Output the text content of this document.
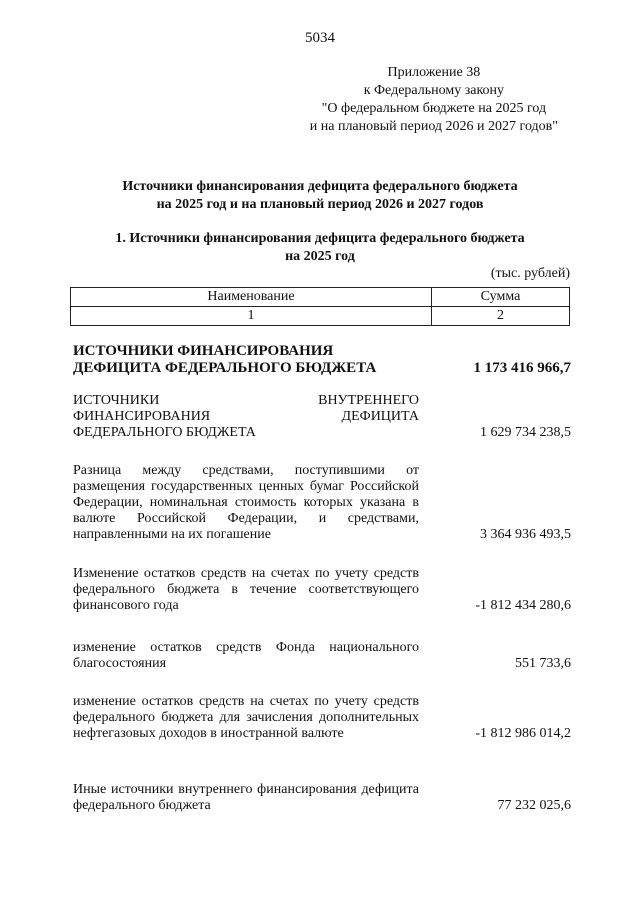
5034
Приложение 38
к Федеральному закону
"О федеральном бюджете на 2025 год
и на плановый период 2026 и 2027 годов"
Источники финансирования дефицита федерального бюджета
на 2025 год и на плановый период 2026 и 2027 годов
1. Источники финансирования дефицита федерального бюджета
на 2025 год
(тыс. рублей)
Наименование	Сумма
1	2
ИСТОЧНИКИ ФИНАНСИРОВАНИЯ
ДЕФИЦИТА ФЕДЕРАЛЬНОГО БЮДЖЕТА	1 173 416 966,7
ИСТОЧНИКИ ВНУТРЕННЕГО
ФИНАНСИРОВАНИЯ ДЕФИЦИТА
ФЕДЕРАЛЬНОГО БЮДЖЕТА	1 629 734 238,5
Разница между средствами, поступившими от размещения государственных ценных бумаг Российской Федерации, номинальная стоимость которых указана в валюте Российской Федерации, и средствами, направленными на их погашение	3 364 936 493,5
Изменение остатков средств на счетах по учету средств федерального бюджета в течение соответствующего финансового года	-1 812 434 280,6
изменение остатков средств Фонда национального благосостояния	551 733,6
изменение остатков средств на счетах по учету средств федерального бюджета для зачисления дополнительных нефтегазовых доходов в иностранной валюте	-1 812 986 014,2
Иные источники внутреннего финансирования дефицита федерального бюджета	77 232 025,6
